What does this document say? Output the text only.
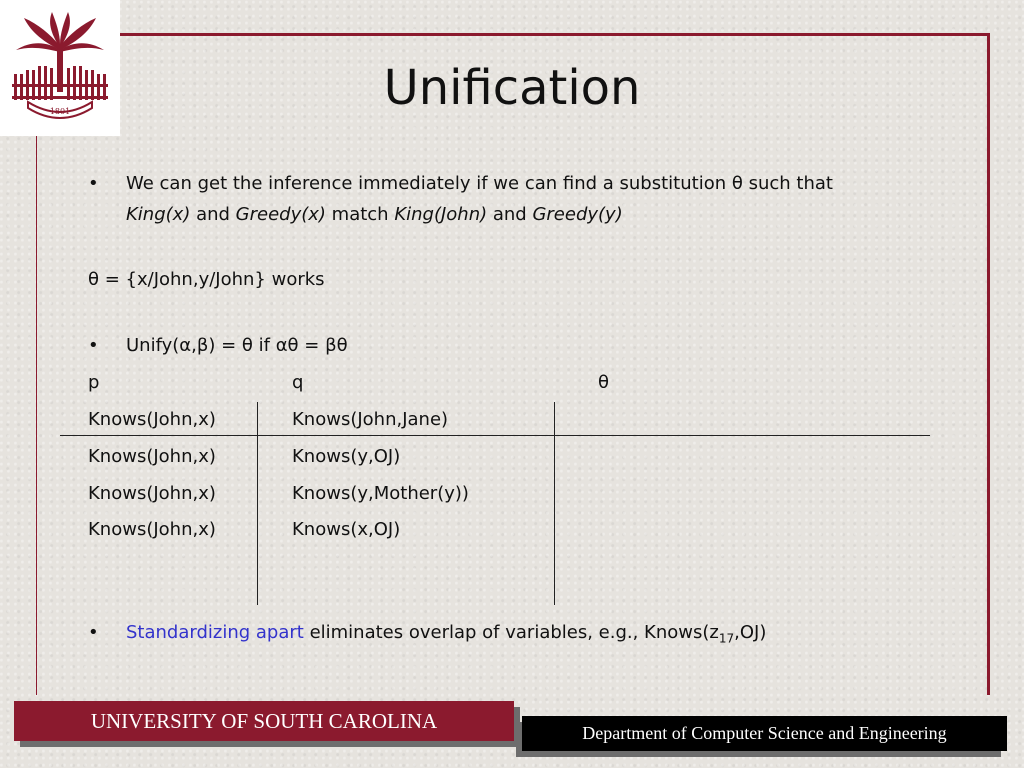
1801	Unification
• We can get the inference immediately if we can find a substitution θ such that
King(x) and Greedy(x) match King(John) and Greedy(y)
θ = {x/John,y/John} works
• Unify(α,β) = θ if αθ = βθ
p	q	θ
Knows(John,x)	Knows(John,Jane)
Knows(John,x)	Knows(y,OJ)
Knows(John,x)	Knows(y,Mother(y))
Knows(John,x)	Knows(x,OJ)
• Standardizing apart eliminates overlap of variables, e.g., $Knows(z_{17},OJ)$
UNIVERSITY OF SOUTH CAROLINA	Department of Computer Science and Engineering
